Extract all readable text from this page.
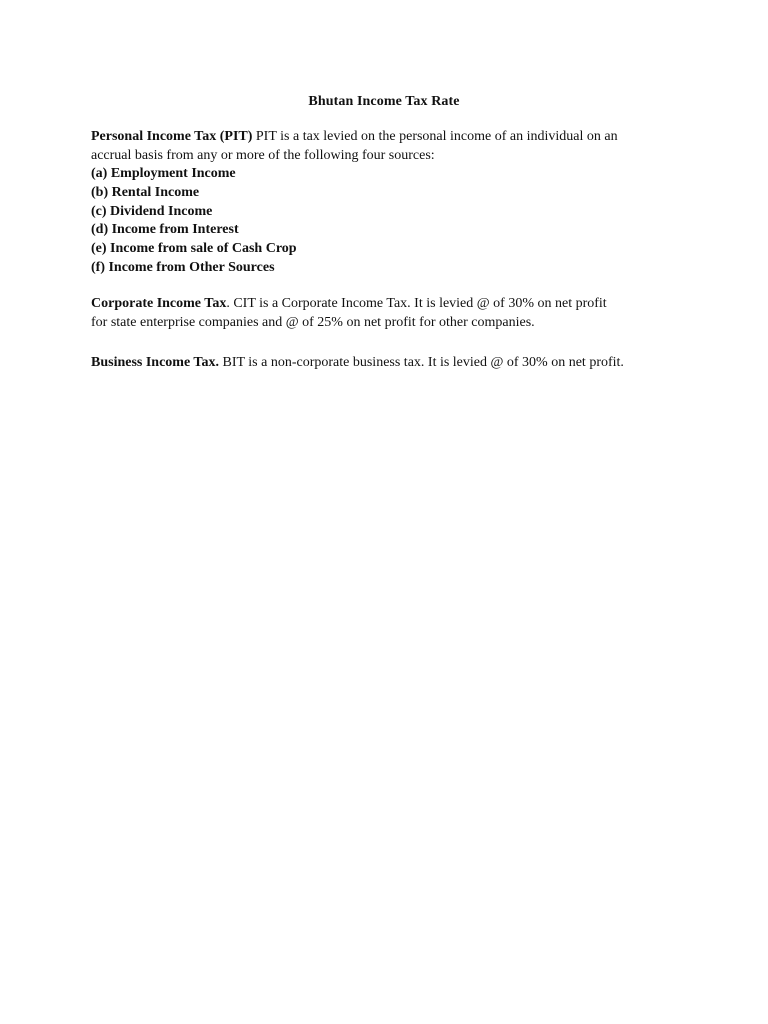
Bhutan Income Tax Rate
Personal Income Tax (PIT) PIT is a tax levied on the personal income of an individual on an
accrual basis from any or more of the following four sources:
(a) Employment Income
(b) Rental Income
(c) Dividend Income
(d) Income from Interest
(e) Income from sale of Cash Crop
(f) Income from Other Sources
Corporate Income Tax. CIT is a Corporate Income Tax. It is levied @ of 30% on net profit
for state enterprise companies and @ of 25% on net profit for other companies.
Business Income Tax. BIT is a non-corporate business tax. It is levied @ of 30% on net profit.
